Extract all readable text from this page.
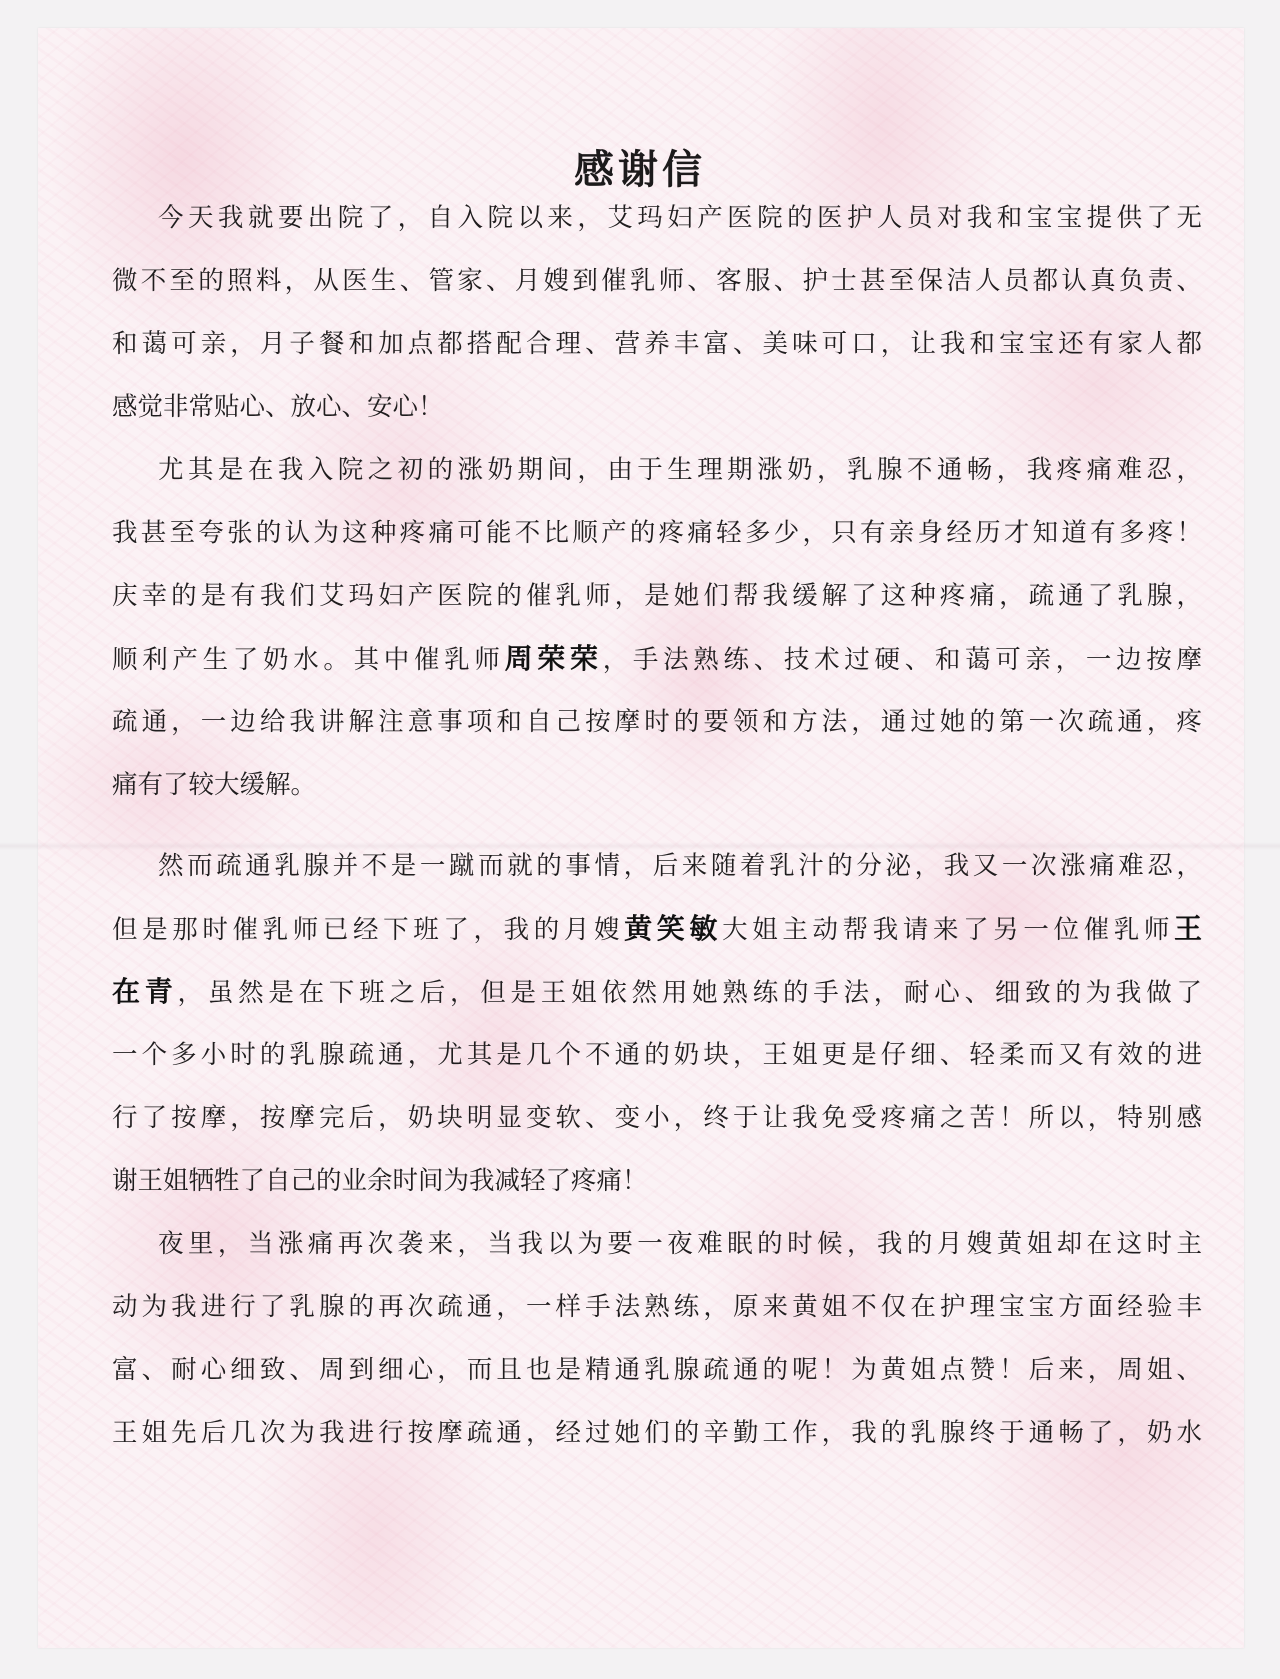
感谢信
今天我就要出院了，自入院以来，艾玛妇产医院的医护人员对我和宝宝提供了无
微不至的照料，从医生、管家、月嫂到催乳师、客服、护士甚至保洁人员都认真负责、
和蔼可亲，月子餐和加点都搭配合理、营养丰富、美味可口，让我和宝宝还有家人都
感觉非常贴心、放心、安心！
尤其是在我入院之初的涨奶期间，由于生理期涨奶，乳腺不通畅，我疼痛难忍，
我甚至夸张的认为这种疼痛可能不比顺产的疼痛轻多少，只有亲身经历才知道有多疼！
庆幸的是有我们艾玛妇产医院的催乳师，是她们帮我缓解了这种疼痛，疏通了乳腺，
顺利产生了奶水。其中催乳师周荣荣，手法熟练、技术过硬、和蔼可亲，一边按摩
疏通，一边给我讲解注意事项和自己按摩时的要领和方法，通过她的第一次疏通，疼
痛有了较大缓解。
然而疏通乳腺并不是一蹴而就的事情，后来随着乳汁的分泌，我又一次涨痛难忍，
但是那时催乳师已经下班了，我的月嫂黄笑敏大姐主动帮我请来了另一位催乳师王
在青，虽然是在下班之后，但是王姐依然用她熟练的手法，耐心、细致的为我做了
一个多小时的乳腺疏通，尤其是几个不通的奶块，王姐更是仔细、轻柔而又有效的进
行了按摩，按摩完后，奶块明显变软、变小，终于让我免受疼痛之苦！所以，特别感
谢王姐牺牲了自己的业余时间为我减轻了疼痛！
夜里，当涨痛再次袭来，当我以为要一夜难眠的时候，我的月嫂黄姐却在这时主
动为我进行了乳腺的再次疏通，一样手法熟练，原来黄姐不仅在护理宝宝方面经验丰
富、耐心细致、周到细心，而且也是精通乳腺疏通的呢！为黄姐点赞！后来，周姐、
王姐先后几次为我进行按摩疏通，经过她们的辛勤工作，我的乳腺终于通畅了，奶水
